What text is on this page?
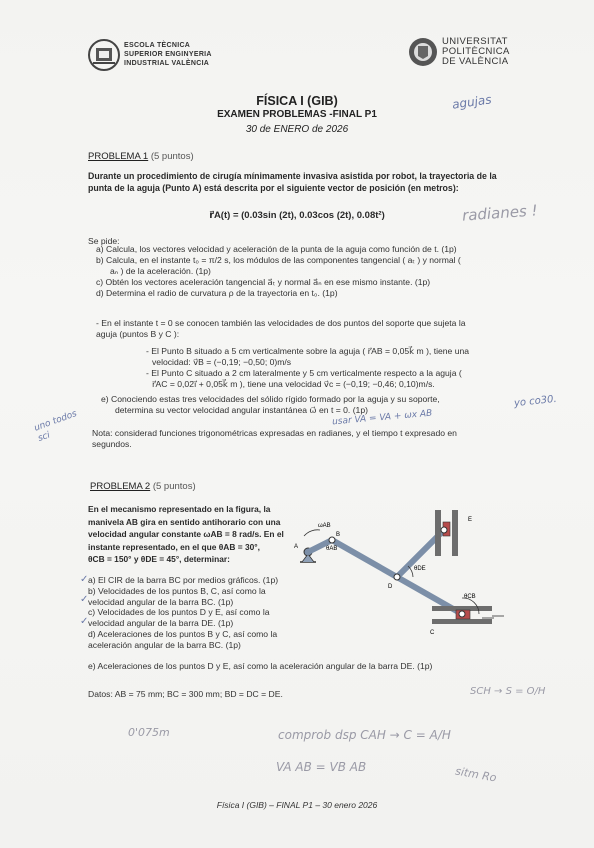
ESCOLA TÈCNICA
SUPERIOR ENGINYERIA
INDUSTRIAL VALÈNCIA
UNIVERSITAT
POLITÈCNICA
DE VALÈNCIA
FÍSICA I (GIB)
EXAMEN PROBLEMAS -FINAL P1
30 de ENERO de 2026
PROBLEMA 1 (5 puntos)
Durante un procedimiento de cirugía mínimamente invasiva asistida por robot, la trayectoria de la
punta de la aguja (Punto A) está descrita por el siguiente vector de posición (en metros):
r⃗A(t) = (0.03sin (2t), 0.03cos (2t), 0.08t²)
Se pide:
a) Calcula, los vectores velocidad y aceleración de la punta de la aguja como función de t. (1p)
b) Calcula, en el instante t₀ = π/2 s, los módulos de las componentes tangencial ( aₜ ) y normal (
aₙ ) de la aceleración. (1p)
c) Obtén los vectores aceleración tangencial a⃗ₜ y normal a⃗ₙ en ese mismo instante. (1p)
d) Determina el radio de curvatura ρ de la trayectoria en t₀. (1p)
- En el instante t = 0 se conocen también las velocidades de dos puntos del soporte que sujeta la
aguja (puntos B y C ):
- El Punto B situado a 5 cm verticalmente sobre la aguja ( r⃗AB = 0,05k⃗ m ), tiene una
velocidad: v⃗B = (−0,19; −0,50; 0)m/s
- El Punto C situado a 2 cm lateralmente y 5 cm verticalmente respecto a la aguja (
r⃗AC = 0,02i⃗ + 0,05k⃗ m ), tiene una velocidad v⃗c = (−0,19; −0,46; 0,10)m/s.
e) Conociendo estas tres velocidades del sólido rígido formado por la aguja y su soporte,
determina su vector velocidad angular instantánea ω⃗ en t = 0. (1p)
Nota: considerad funciones trigonométricas expresadas en radianes, y el tiempo t expresado en
segundos.
PROBLEMA 2 (5 puntos)
En el mecanismo representado en la figura, la
manivela AB gira en sentido antihorario con una
velocidad angular constante ωAB = 8 rad/s. En el
instante representado, en el que θAB = 30°,
θCB = 150° y θDE = 45°, determinar:
ωAB
A	θAB
B
θDE
D
E
θCB
C
a) El CIR de la barra BC por medios gráficos. (1p)
b) Velocidades de los puntos B, C, así como la
velocidad angular de la barra BC. (1p)
c) Velocidades de los puntos D y E, así como la
velocidad angular de la barra DE. (1p)
d) Aceleraciones de los puntos B y C, así como la
aceleración angular de la barra BC. (1p)
e) Aceleraciones de los puntos D y E, así como la aceleración angular de la barra DE. (1p)
Datos: AB = 75 mm; BC = 300 mm; BD = DC = DE.
Física I (GIB) – FINAL P1 – 30 enero 2026
agujas
radianes !
uno todos sci
usar VA = VA + ωx AB
yo co30.
0'075m
SCH → S = O/H
comprob dsp CAH → C = A/H
VA AB = VB AB	sitm Ro
✓
✓
✓
